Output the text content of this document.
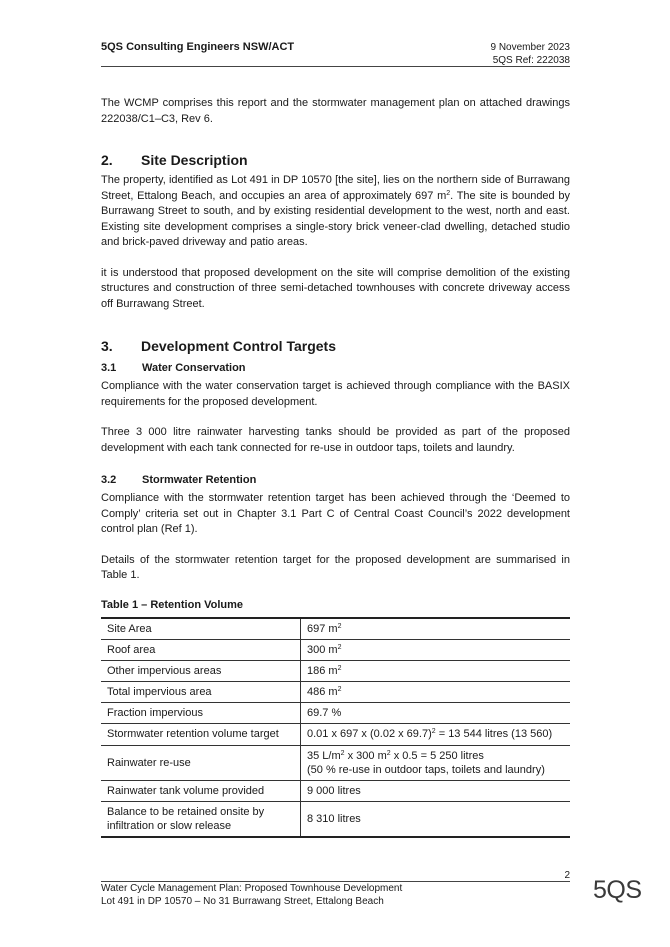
5QS Consulting Engineers NSW/ACT	9 November 2023
5QS Ref: 222038

The WCMP comprises this report and the stormwater management plan on attached drawings 222038/C1–C3, Rev 6.

2.	Site Description

The property, identified as Lot 491 in DP 10570 [the site], lies on the northern side of Burrawang Street, Ettalong Beach, and occupies an area of approximately 697 $m^2$. The site is bounded by Burrawang Street to south, and by existing residential development to the west, north and east. Existing site development comprises a single-story brick veneer-clad dwelling, detached studio and brick-paved driveway and patio areas.

it is understood that proposed development on the site will comprise demolition of the existing structures and construction of three semi-detached townhouses with concrete driveway access off Burrawang Street.

3.	Development Control Targets
3.1	Water Conservation

Compliance with the water conservation target is achieved through compliance with the BASIX requirements for the proposed development.

Three 3 000 litre rainwater harvesting tanks should be provided as part of the proposed development with each tank connected for re-use in outdoor taps, toilets and laundry.

3.2	Stormwater Retention

Compliance with the stormwater retention target has been achieved through the ‘Deemed to Comply’ criteria set out in Chapter 3.1 Part C of Central Coast Council’s 2022 development control plan (Ref 1).

Details of the stormwater retention target for the proposed development are summarised in Table 1.

Table 1 – Retention Volume
Site Area	697 $m^2$
Roof area	300 $m^2$
Other impervious areas	186 $m^2$
Total impervious area	486 $m^2$
Fraction impervious	69.7 %
Stormwater retention volume target	0.01 x 697 x (0.02 x 69.7)$^2$ = 13 544 litres (13 560)
Rainwater re-use	35 $L/m^2$ x 300 $m^2$ x 0.5 = 5 250 litres
(50 % re-use in outdoor taps, toilets and laundry)

Rainwater tank volume provided	9 000 litres
Balance to be retained onsite by infiltration or slow release	8 310 litres
2
Water Cycle Management Plan: Proposed Townhouse Development
Lot 491 in DP 10570 – No 31 Burrawang Street, Ettalong Beach	5QS
